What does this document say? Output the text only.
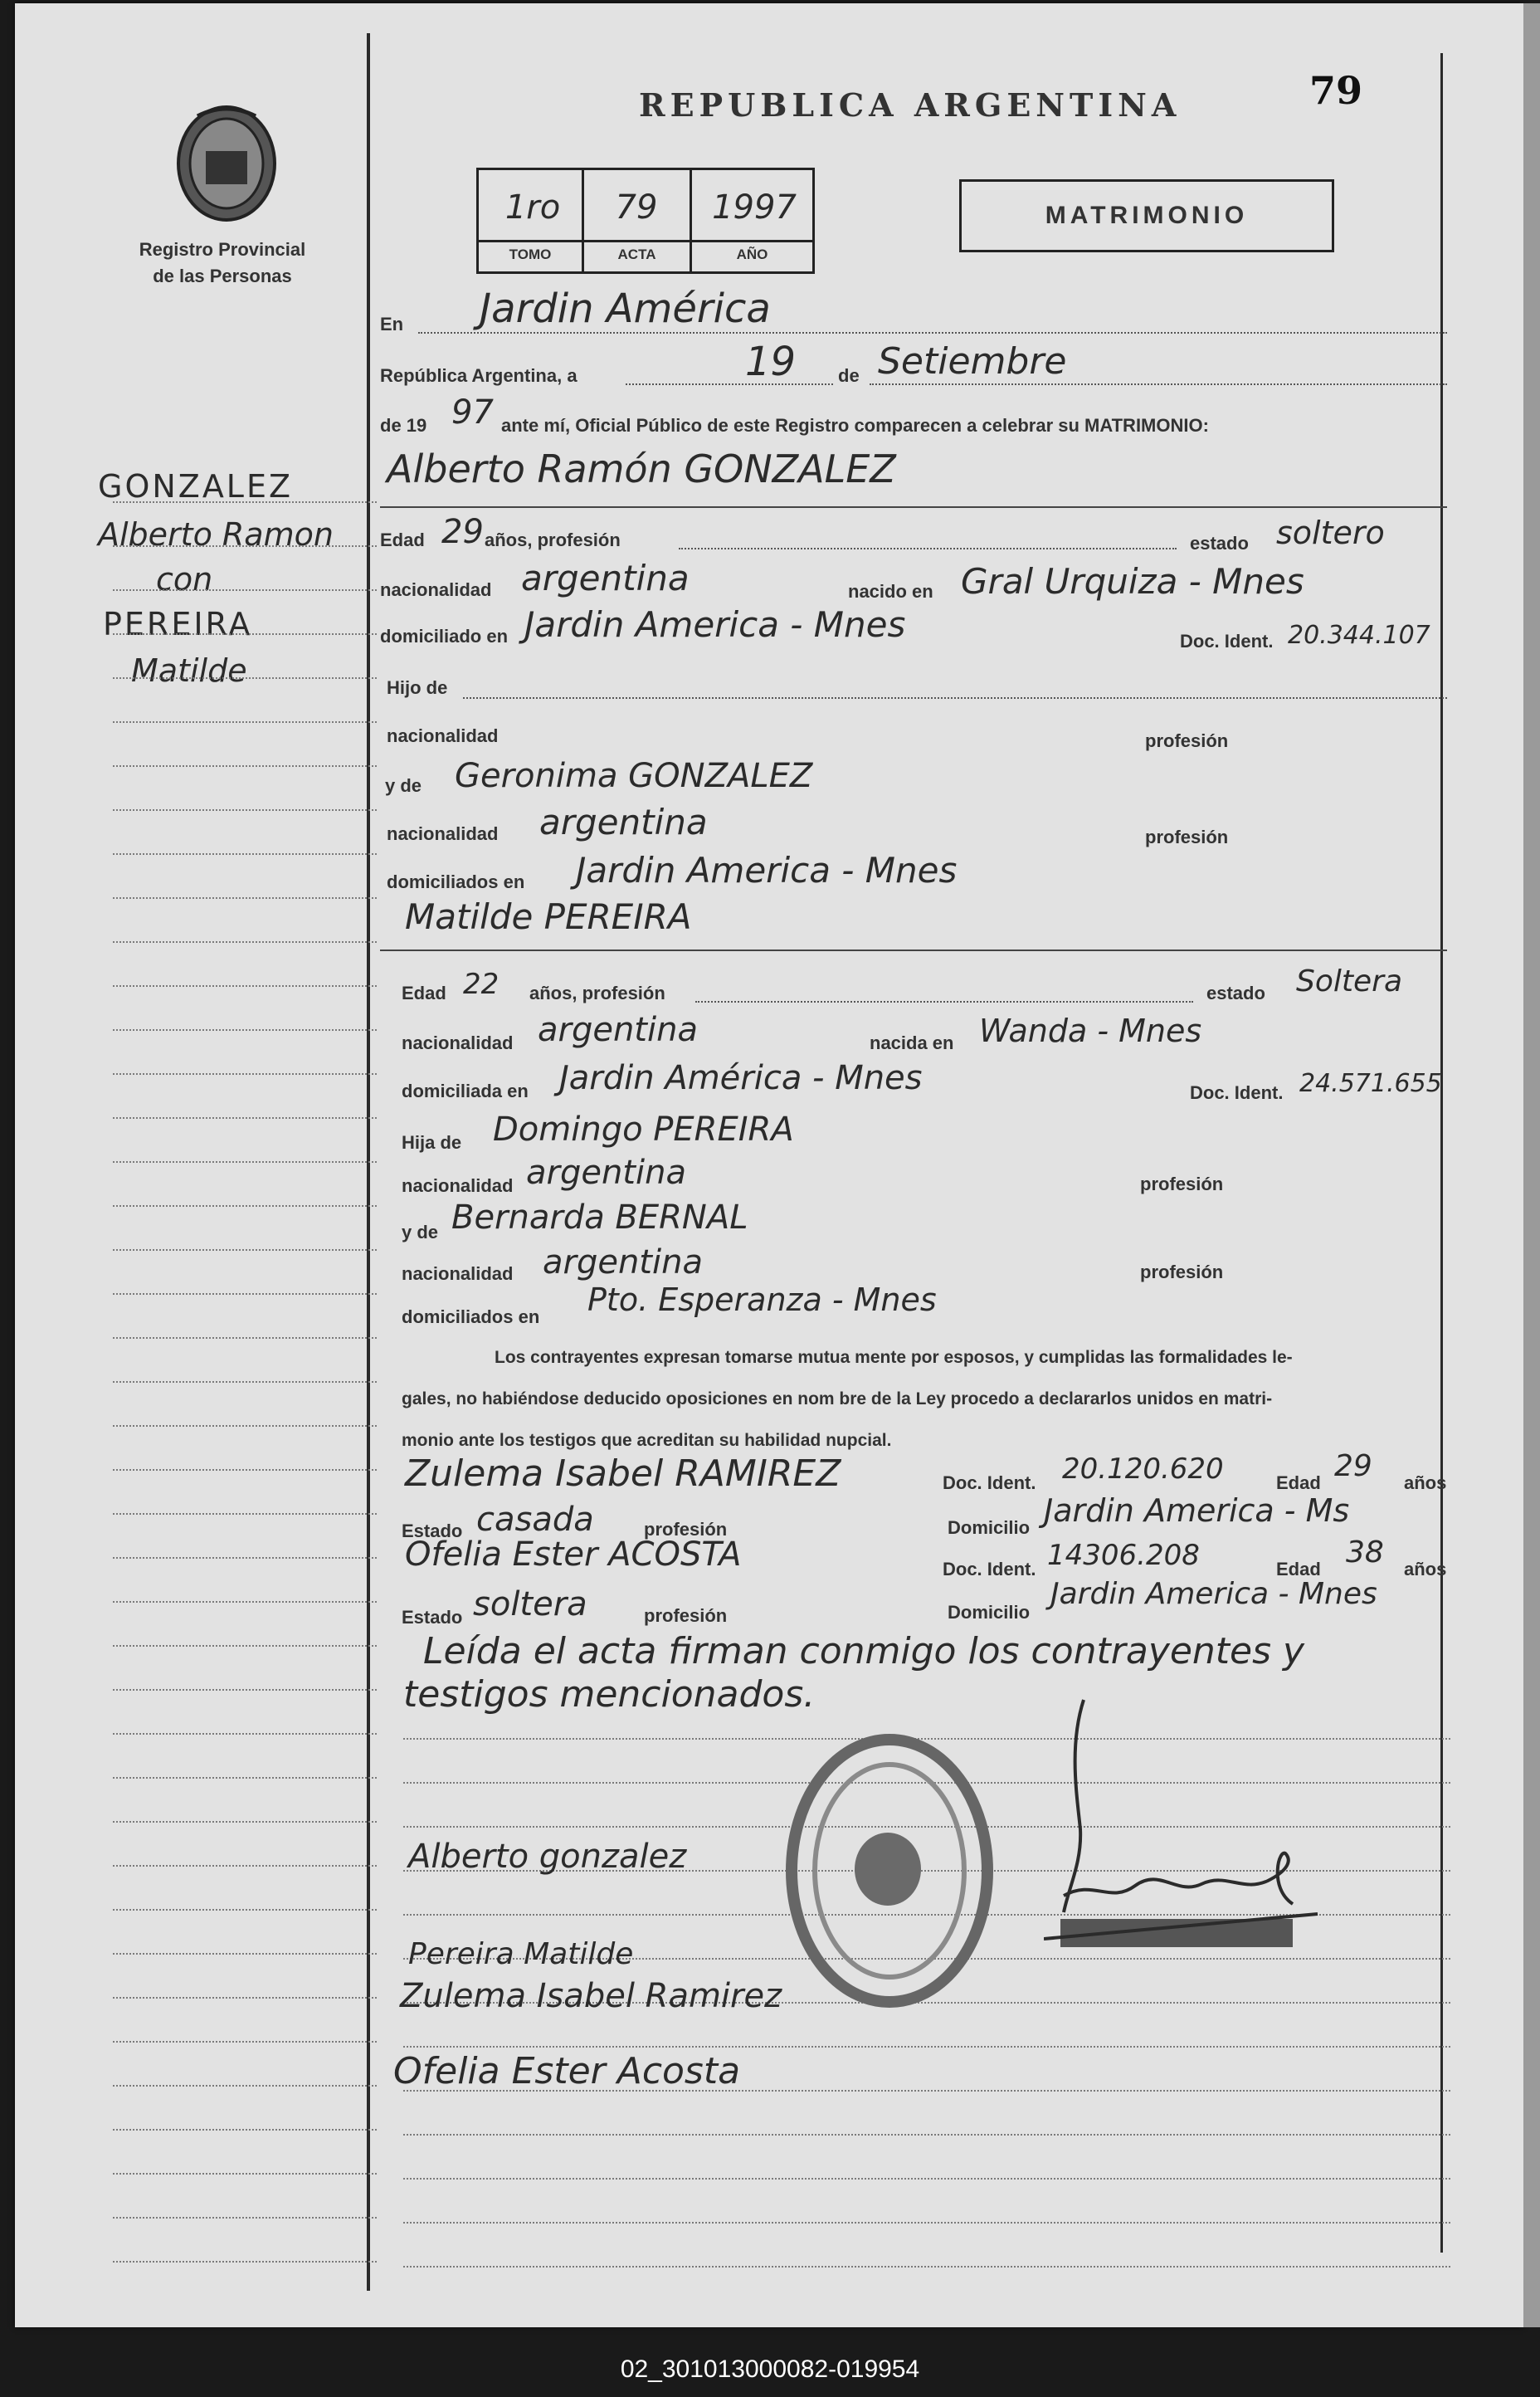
Registro Provincial
de las Personas
REPUBLICA ARGENTINA	79
1ro	79	1997
TOMO	ACTA	AÑO
MATRIMONIO
GONZALEZ
Alberto Ramon
con
PEREIRA
Matilde
En Jardin América
República Argentina, a	19 de Setiembre
de 19 97 ante mí, Oficial Público de este Registro comparecen a celebrar su MATRIMONIO:
Alberto Ramón GONZALEZ
Edad 29 años, profesión	estado soltero
nacionalidad argentina	nacido en Gral Urquiza - Mnes
domiciliado en Jardin America - Mnes	Doc. Ident. 20.344.107
Hijo de
nacionalidad	profesión
y de Geronima GONZALEZ
nacionalidad argentina	profesión
domiciliados en Jardin America - Mnes
Matilde PEREIRA
Edad 22 años, profesión	estado Soltera
nacionalidad argentina	nacida en Wanda - Mnes
domiciliada en Jardin América - Mnes	Doc. Ident. 24.571.655
Hija de Domingo PEREIRA
nacionalidad argentina	profesión
y de Bernarda BERNAL
nacionalidad argentina	profesión
domiciliados en Pto. Esperanza - Mnes
Los contrayentes expresan tomarse mutua mente por esposos, y cumplidas las formalidades le-
gales, no habiéndose deducido oposiciones en nom bre de la Ley procedo a declararlos unidos en matri-
monio ante los testigos que acreditan su habilidad nupcial.
Zulema Isabel RAMIREZ	Doc. Ident. 20.120.620	Edad 29 años
Estado casada	profesión	Domicilio Jardin America - Ms
Ofelia Ester ACOSTA	Doc. Ident. 14306.208	Edad 38 años
Estado soltera	profesión	Domicilio
Jardin America - Mnes
Leída el acta firman conmigo los contrayentes y
testigos mencionados.
Alberto gonzalez
Pereira Matilde
Zulema Isabel Ramirez
Ofelia Ester Acosta
02_301013000082-019954
